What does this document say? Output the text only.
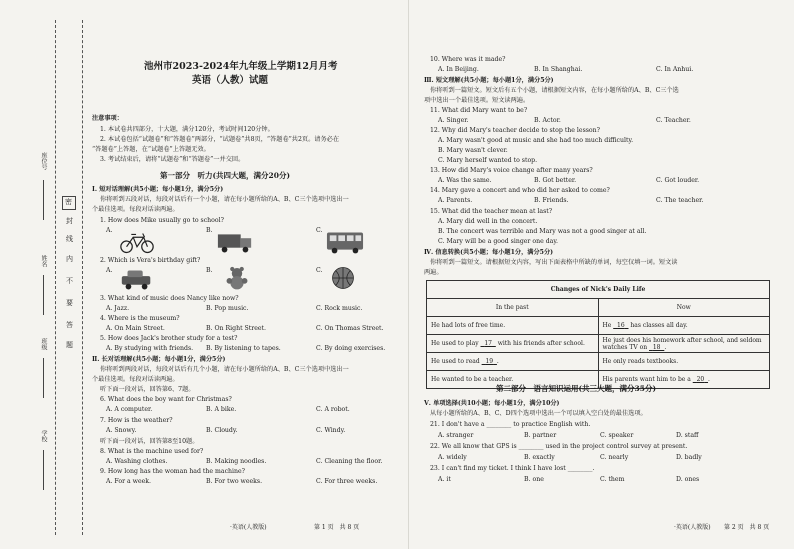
座位号
姓名
班级
学校
密
封
线
内
不
要
答
题
池州市2023-2024年九年级上学期12月月考
英语（人教）试题
注意事项：
1. 本试卷共四部分，十大题，满分120分，考试时间120分钟。
2. 本试卷包括“试题卷”和“答题卷”两部分，“试题卷”共8页，“答题卷”共2页。请务必在
“答题卷”上答题，在“试题卷”上答题无效。
3. 考试结束后，请将“试题卷”和“答题卷”一并交回。
第一部分　听力(共四大题，满分20分)
Ⅰ. 短对话理解(共5小题；每小题1分，满分5分)
你将听到五段对话，每段对话后有一个小题，请在每小题所给的A、B、C三个选项中选出一
个最佳选项。每段对话读两遍。
1. How does Mike usually go to school?
A.	B.	C.
2. Which is Vera's birthday gift?
A.	B.	C.
3. What kind of music does Nancy like now?
A. Jazz.	B. Pop music.	C. Rock music.
4. Where is the museum?
A. On Main Street.	B. On Right Street.	C. On Thomas Street.
5. How does Jack's brother study for a test?
A. By studying with friends. B. By listening to tapes.	C. By doing exercises.
Ⅱ. 长对话理解(共5小题；每小题1分，满分5分)
你将听到两段对话，每段对话后有几个小题，请在每小题所给的A、B、C三个选项中选出一
个最佳选项。每段对话读两遍。
听下面一段对话，回答第6、7题。
6. What does the boy want for Christmas?
A. A computer.	B. A bike.	C. A robot.
7. How is the weather?
A. Snowy.	B. Cloudy.	C. Windy.
听下面一段对话，回答第8至10题。
8. What is the machine used for?
A. Washing clothes.	B. Making noodles.	C. Cleaning the floor.
9. How long has the woman had the machine?
A. For a week.	B. For two weeks.	C. For three weeks.
·英语(人教版)	第 1 页　共 8 页
10. Where was it made?
A. In Beijing.	B. In Shanghai.	C. In Anhui.
Ⅲ. 短文理解(共5小题；每小题1分，满分5分)
你将听到一篇短文。短文后有五个小题，请根据短文内容，在每小题所给的A、B、C三个选
项中选出一个最佳选项。短文读两遍。
11. What did Mary want to be?
A. Singer.	B. Actor.	C. Teacher.
12. Why did Mary's teacher decide to stop the lesson?
A. Mary wasn't good at music and she had too much difficulty.
B. Mary wasn't clever.
C. Mary herself wanted to stop.
13. How did Mary's voice change after many years?
A. Was the same.	B. Got better.	C. Got louder.
14. Mary gave a concert and who did her asked to come?
A. Parents.	B. Friends.	C. The teacher.
15. What did the teacher mean at last?
A. Mary did well in the concert.
B. The concert was terrible and Mary was not a good singer at all.
C. Mary will be a good singer one day.
Ⅳ. 信息转换(共5小题；每小题1分，满分5分)
你将听到一篇短文。请根据短文内容，写出下面表格中所缺的单词，每空仅填一词。短文读
两遍。
Changes of Nick's Daily Life	
In the past	Now
He had lots of free time.	He   16   has classes all day.
He used to play   17   with his friends after school.	He just does his homework after school, and seldom watches TV on   18 .
He used to read   19 .	He only reads textbooks.
He wanted to be a teacher.	His parents want him to be a   20 .
第二部分　语言知识运用(共三大题，满分35分)
Ⅴ. 单项选择(共10小题；每小题1分，满分10分)
从每小题所给的A、B、C、D四个选项中选出一个可以填入空白处的最佳选项。
21. I don't have a ________ to practice English with.
A. stranger	B. partner	C. speaker	D. staff
22. We all know that GPS is ________ used in the project control survey at present.
A. widely	B. exactly	C. nearly	D. badly
23. I can't find my ticket. I think I have lost ________.
A. it	B. one	C. them	D. ones
·英语(人教版) 第 2 页　共 8 页
